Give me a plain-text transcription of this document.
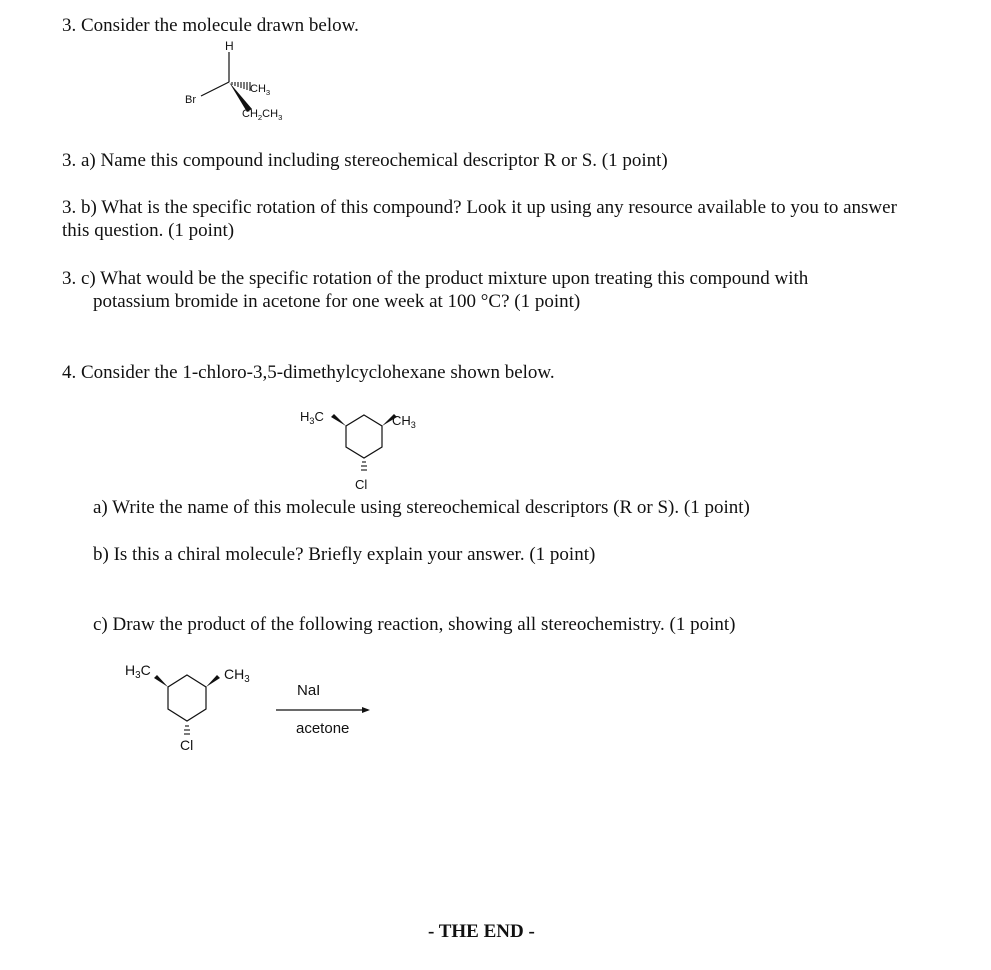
3. Consider the molecule drawn below.
H
Br
$CH_3$
$CH_2CH_3$
3. a) Name this compound including stereochemical descriptor R or S. (1 point)
3. b) What is the specific rotation of this compound? Look it up using any resource available to you to answer this question. (1 point)
3. c) What would be the specific rotation of the product mixture upon treating this compound with
potassium bromide in acetone for one week at 100 °C? (1 point)
4. Consider the 1-chloro-3,5-dimethylcyclohexane shown below.
$H_3C$	$CH_3$
Cl
a) Write the name of this molecule using stereochemical descriptors (R or S). (1 point)
b) Is this a chiral molecule? Briefly explain your answer. (1 point)
c) Draw the product of the following reaction, showing all stereochemistry. (1 point)
$H_3C$	$CH_3$
Cl
NaI
acetone
- THE END -
